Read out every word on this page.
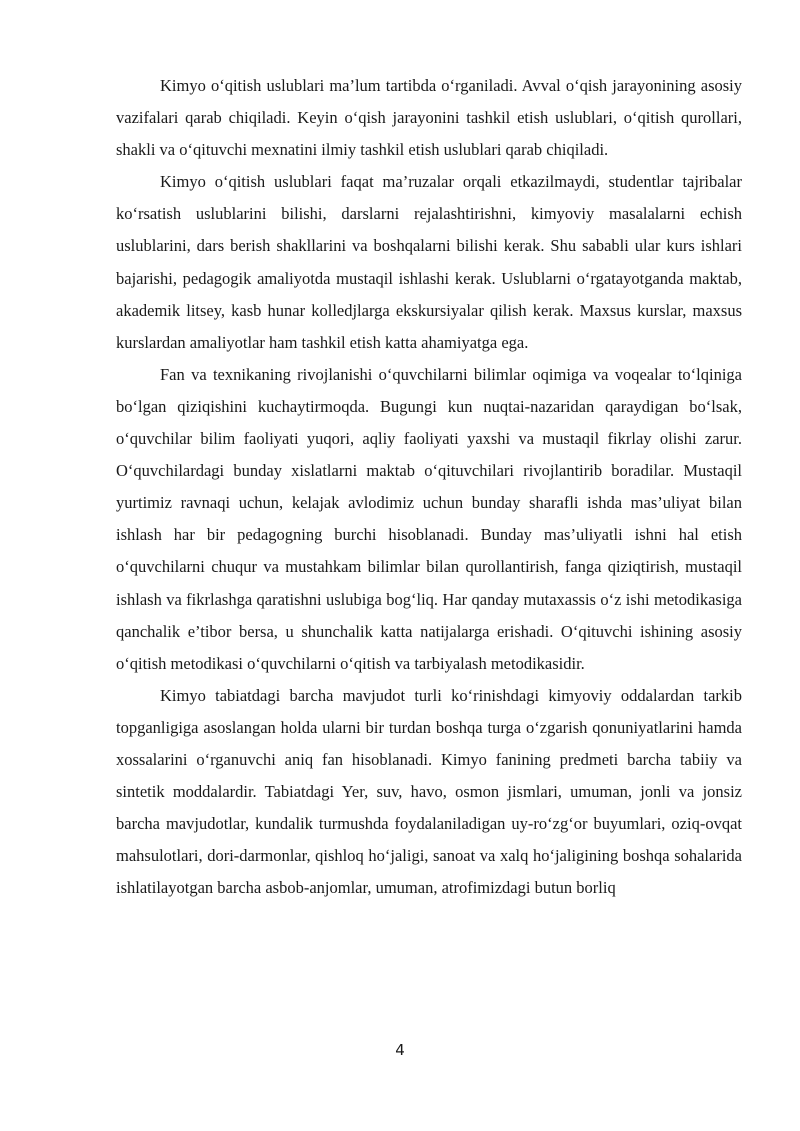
Kimyo o‘qitish uslublari ma’lum tartibda o‘rganiladi. Avval o‘qish jarayonining asosiy vazifalari qarab chiqiladi. Keyin o‘qish jarayonini tashkil etish uslublari, o‘qitish qurollari, shakli va o‘qituvchi mexnatini ilmiy tashkil etish uslublari qarab chiqiladi.

Kimyo o‘qitish uslublari faqat ma’ruzalar orqali etkazilmaydi, studentlar tajribalar ko‘rsatish uslublarini bilishi, darslarni rejalashtirishni, kimyoviy masalalarni echish uslublarini, dars berish shakllarini va boshqalarni bilishi kerak. Shu sababli ular kurs ishlari bajarishi, pedagogik amaliyotda mustaqil ishlashi kerak. Uslublarni o‘rgatayotganda maktab, akademik litsey, kasb hunar kolledjlarga ekskursiyalar qilish kerak. Maxsus kurslar, maxsus kurslardan amaliyotlar ham tashkil etish katta ahamiyatga ega.

Fan va texnikaning rivojlanishi o‘quvchilarni bilimlar oqimiga va voqealar to‘lqiniga bo‘lgan qiziqishini kuchaytirmoqda. Bugungi kun nuqtai-nazaridan qaraydigan bo‘lsak, o‘quvchilar bilim faoliyati yuqori, aqliy faoliyati yaxshi va mustaqil fikrlay olishi zarur. O‘quvchilardagi bunday xislatlarni maktab o‘qituvchilari rivojlantirib boradilar. Mustaqil yurtimiz ravnaqi uchun, kelajak avlodimiz uchun bunday sharafli ishda mas’uliyat bilan ishlash har bir pedagogning burchi hisoblanadi. Bunday mas’uliyatli ishni hal etish o‘quvchilarni chuqur va mustahkam bilimlar bilan qurollantirish, fanga qiziqtirish, mustaqil ishlash va fikrlashga qaratishni uslubiga bog‘liq. Har qanday mutaxassis o‘z ishi metodikasiga qanchalik e’tibor bersa, u shunchalik katta natijalarga erishadi. O‘qituvchi ishining asosiy o‘qitish metodikasi o‘quvchilarni o‘qitish va tarbiyalash metodikasidir.

Kimyo tabiatdagi barcha mavjudot turli ko‘rinishdagi kimyoviy oddalardan tarkib topganligiga asoslangan holda ularni bir turdan boshqa turga o‘zgarish qonuniyatlarini hamda xossalarini o‘rganuvchi aniq fan hisoblanadi. Kimyo fanining predmeti barcha tabiiy va sintetik moddalardir. Tabiatdagi Yer, suv, havo, osmon jismlari, umuman, jonli va jonsiz barcha mavjudotlar, kundalik turmushda foydalaniladigan uy-ro‘zg‘or buyumlari, oziq-ovqat mahsulotlari, dori-darmonlar, qishloq ho‘jaligi, sanoat va xalq ho‘jaligining boshqa sohalarida ishlatilayotgan barcha asbob-anjomlar, umuman, atrofimizdagi butun borliq

4
